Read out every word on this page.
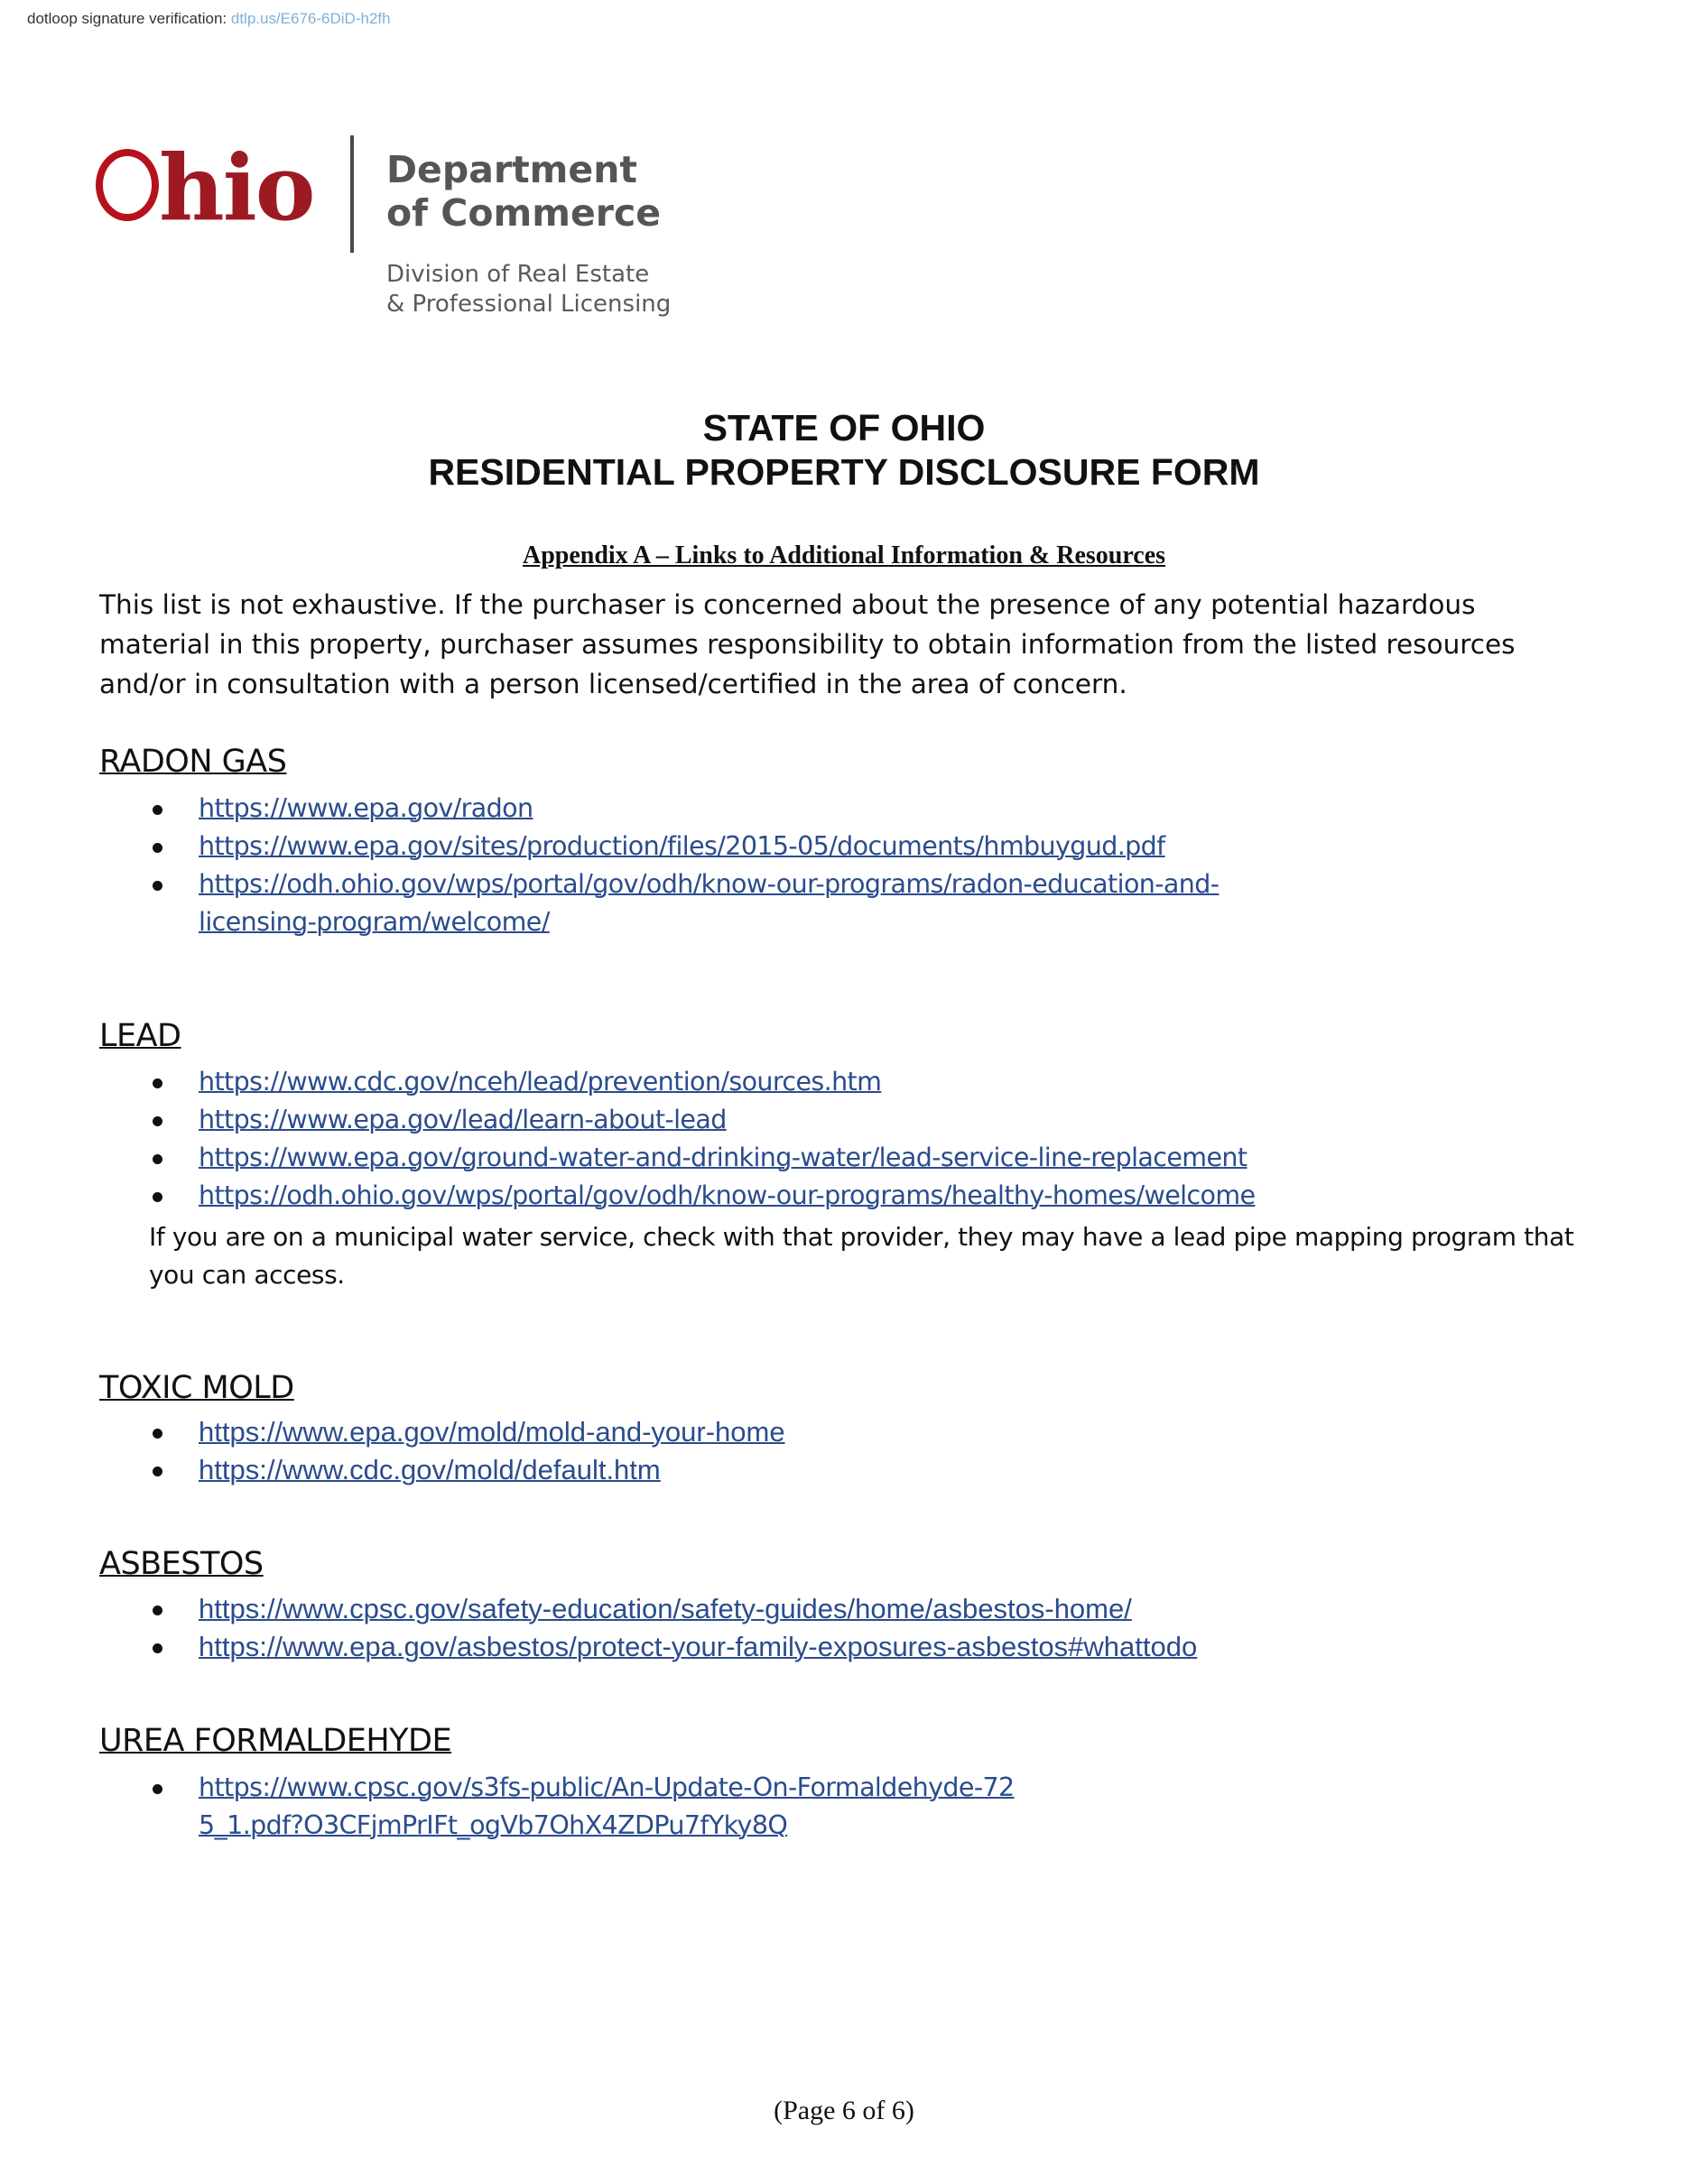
dotloop signature verification: dtlp.us/E676-6DiD-h2fh
hio Department
of Commerce
Division of Real Estate
& Professional Licensing
STATE OF OHIO
RESIDENTIAL PROPERTY DISCLOSURE FORM
Appendix A – Links to Additional Information & Resources
This list is not exhaustive. If the purchaser is concerned about the presence of any potential hazardous material in this property, purchaser assumes responsibility to obtain information from the listed resources and/or in consultation with a person licensed/certified in the area of concern.
RADON GAS
https://www.epa.gov/radon
https://www.epa.gov/sites/production/files/2015-05/documents/hmbuygud.pdf
https://odh.ohio.gov/wps/portal/gov/odh/know-our-programs/radon-education-and-licensing-program/welcome/
LEAD
https://www.cdc.gov/nceh/lead/prevention/sources.htm
https://www.epa.gov/lead/learn-about-lead
https://www.epa.gov/ground-water-and-drinking-water/lead-service-line-replacement
https://odh.ohio.gov/wps/portal/gov/odh/know-our-programs/healthy-homes/welcome
If you are on a municipal water service, check with that provider, they may have a lead pipe mapping program that you can access.
TOXIC MOLD
https://www.epa.gov/mold/mold-and-your-home
https://www.cdc.gov/mold/default.htm
ASBESTOS
https://www.cpsc.gov/safety-education/safety-guides/home/asbestos-home/
https://www.epa.gov/asbestos/protect-your-family-exposures-asbestos#whattodo
UREA FORMALDEHYDE
https://www.cpsc.gov/s3fs-public/An-Update-On-Formaldehyde-725_1.pdf?O3CFjmPrIFt_ogVb7OhX4ZDPu7fYky8Q
(Page 6 of 6)
